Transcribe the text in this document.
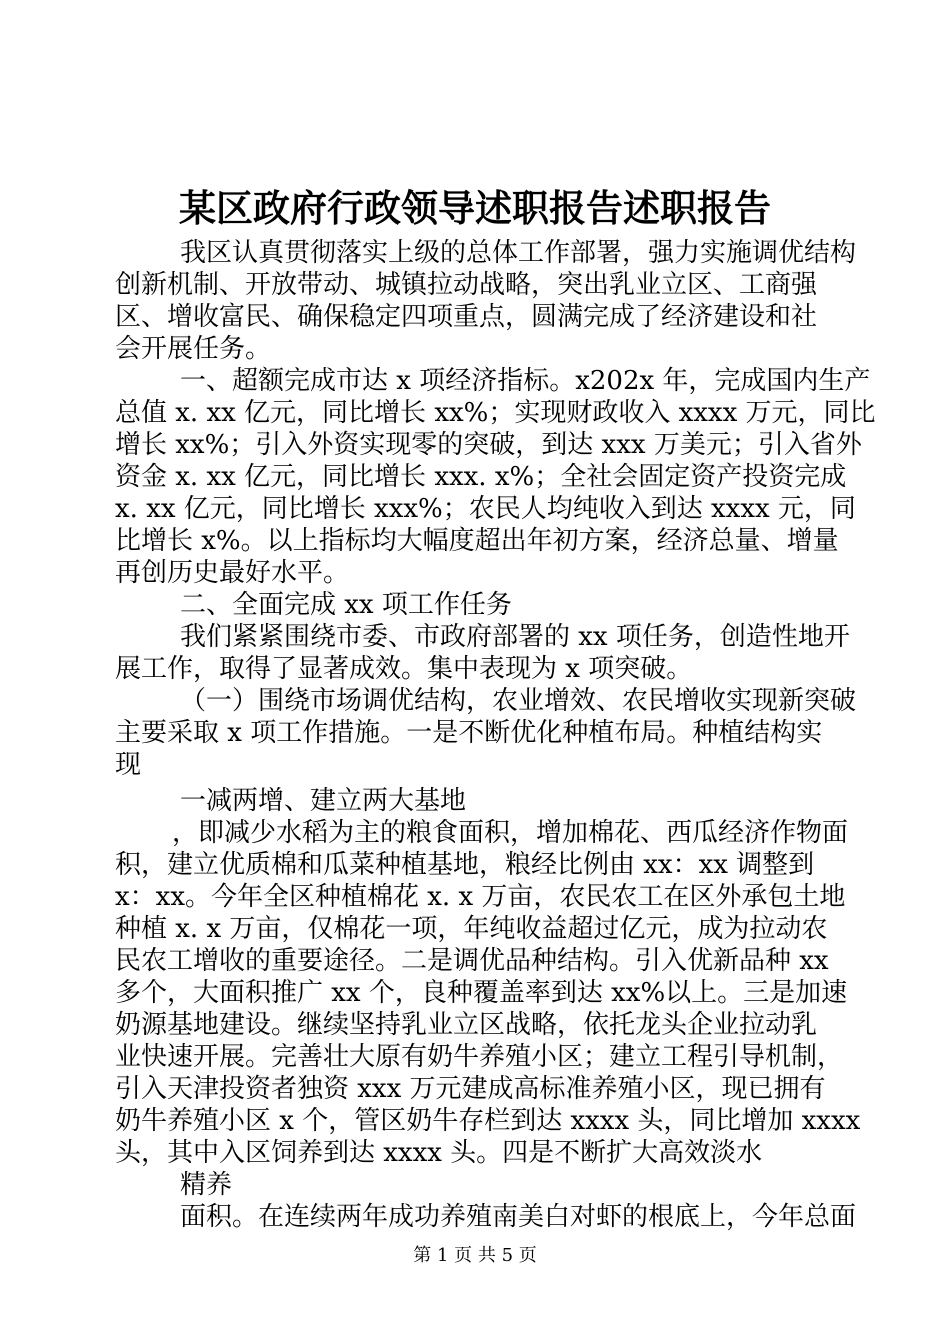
某区政府行政领导述职报告述职报告
我区认真贯彻落实上级的总体工作部署，强力实施调优结构
创新机制、开放带动、城镇拉动战略，突出乳业立区、工商强
区、增收富民、确保稳定四项重点，圆满完成了经济建设和社
会开展任务。
一、超额完成市达 x 项经济指标。x202x 年，完成国内生产
总值 x. xx 亿元，同比增长 xx%；实现财政收入 xxxx 万元，同比
增长 xx%；引入外资实现零的突破，到达 xxx 万美元；引入省外
资金 x. xx 亿元，同比增长 xxx. x%；全社会固定资产投资完成
x. xx 亿元，同比增长 xxx%；农民人均纯收入到达 xxxx 元，同
比增长 x%。以上指标均大幅度超出年初方案，经济总量、增量
再创历史最好水平。
二、全面完成 xx 项工作任务
我们紧紧围绕市委、市政府部署的 xx 项任务，创造性地开
展工作，取得了显著成效。集中表现为 x 项突破。
（一）围绕市场调优结构，农业增效、农民增收实现新突破
主要采取 x 项工作措施。一是不断优化种植布局。种植结构实
现
一减两增、建立两大基地
，即减少水稻为主的粮食面积，增加棉花、西瓜经济作物面
积，建立优质棉和瓜菜种植基地，粮经比例由 xx：xx 调整到
x：xx。今年全区种植棉花 x. x 万亩，农民农工在区外承包土地
种植 x. x 万亩，仅棉花一项，年纯收益超过亿元，成为拉动农
民农工增收的重要途径。二是调优品种结构。引入优新品种 xx
多个，大面积推广 xx 个，良种覆盖率到达 xx%以上。三是加速
奶源基地建设。继续坚持乳业立区战略，依托龙头企业拉动乳
业快速开展。完善壮大原有奶牛养殖小区；建立工程引导机制，
引入天津投资者独资 xxx 万元建成高标准养殖小区，现已拥有
奶牛养殖小区 x 个，管区奶牛存栏到达 xxxx 头，同比增加 xxxx
头，其中入区饲养到达 xxxx 头。四是不断扩大高效淡水
精养
面积。在连续两年成功养殖南美白对虾的根底上，今年总面
第 1 页 共 5 页
